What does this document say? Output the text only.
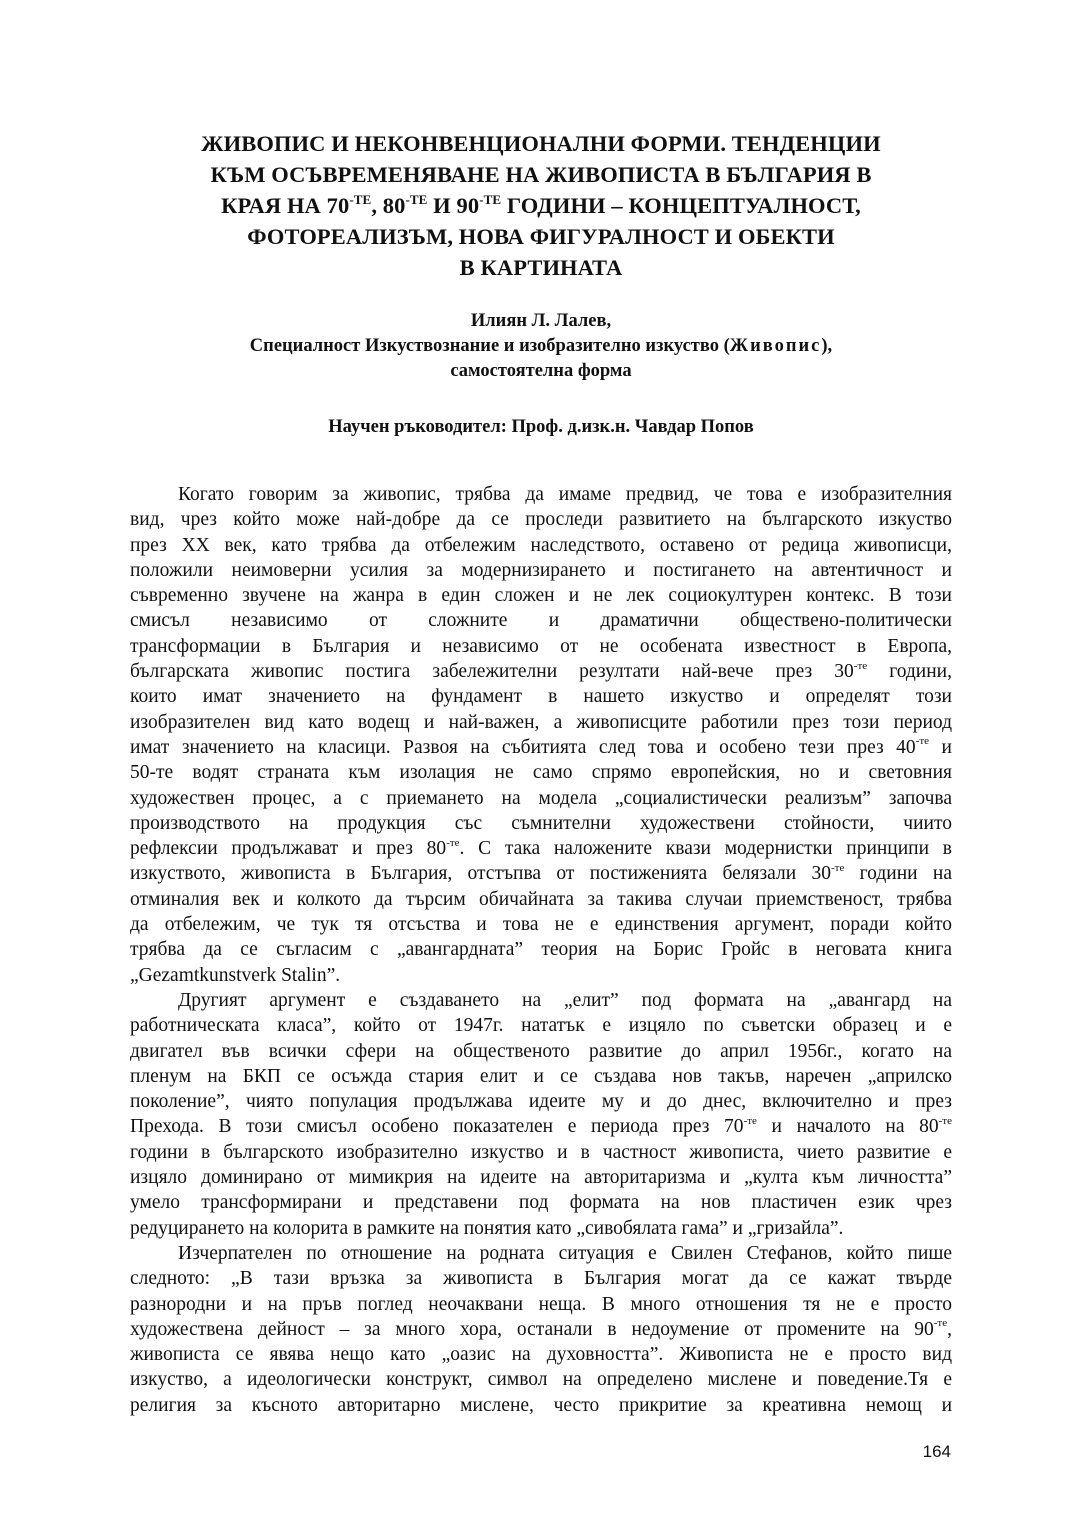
ЖИВОПИС И НЕКОНВЕНЦИОНАЛНИ ФОРМИ. ТЕНДЕНЦИИ
КЪМ ОСЪВРЕМЕНЯВАНЕ НА ЖИВОПИСТА В БЪЛГАРИЯ В
КРАЯ НА $70^{-ТЕ}$, $80^{-ТЕ}$ И $90^{-ТЕ}$ ГОДИНИ – КОНЦЕПТУАЛНОСТ,
ФОТОРЕАЛИЗЪМ, НОВА ФИГУРАЛНОСТ И ОБЕКТИ
В КАРТИНАТА
Илиян Л. Лалев,
Специалност Изкуствознание и изобразително изкуство (Живопис),
самостоятелна форма
Научен ръководител: Проф. д.изк.н. Чавдар Попов
Когато говорим за живопис, трябва да имаме предвид, че това е изобразителния
вид, чрез който може най-добре да се проследи развитието на българското изкуство
през XX век, като трябва да отбележим наследството, оставено от редица живописци,
положили неимоверни усилия за модернизирането и постигането на автентичност и
съвременно звучене на жанра в един сложен и не лек социокултурен контекс. В този
смисъл независимо от сложните и драматични обществено-политически
трансформации в България и независимо от не особената известност в Европа,
българската живопис постига забележителни резултати най-вече през $30^{-те}$ години,
които имат значението на фундамент в нашето изкуство и определят този
изобразителен вид като водещ и най-важен, а живописците работили през този период
имат значението на класици. Развоя на събитията след това и особено тези през $40^{-те}$ и
50-те водят страната към изолация не само спрямо европейския, но и световния
художествен процес, а с приемането на модела „социалистически реализъм” започва
производството на продукция със съмнителни художествени стойности, чиито
рефлексии продължават и през $80^{-те}$. С така наложените квази модернистки принципи в
изкуството, живописта в България, отстъпва от постиженията белязали $30^{-те}$ години на
отминалия век и колкото да търсим обичайната за такива случаи приемственост, трябва
да отбележим, че тук тя отсъства и това не е единствения аргумент, поради който
трябва да се съгласим с „авангардната” теория на Борис Гройс в неговата книга
„Gezamtkunstverk Stalin”.
Другият аргумент е създаването на „елит” под формата на „авангард на
работническата класа”, който от 1947г. нататък е изцяло по съветски образец и е
двигател във всички сфери на общественото развитие до април 1956г., когато на
пленум на БКП се осъжда стария елит и се създава нов такъв, наречен „априлско
поколение”, чиято популация продължава идеите му и до днес, включително и през
Прехода. В този смисъл особено показателен е периода през $70^{-те}$ и началото на $80^{-те}$
години в българското изобразително изкуство и в частност живописта, чието развитие е
изцяло доминирано от мимикрия на идеите на авторитаризма и „култа към личността”
умело трансформирани и представени под формата на нов пластичен език чрез
редуцирането на колорита в рамките на понятия като „сивобялата гама” и „гризайла”.
Изчерпателен по отношение на родната ситуация е Свилен Стефанов, който пише
следното: „В тази връзка за живописта в България могат да се кажат твърде
разнородни и на пръв поглед неочаквани неща. В много отношения тя не е просто
художествена дейност – за много хора, останали в недоумение от промените на $90^{-те}$,
живописта се явява нещо като „оазис на духовността”. Живописта не е просто вид
изкуство, а идеологически конструкт, символ на определено мислене и поведение.Тя е
религия за късното авторитарно мислене, често прикритие за креативна немощ и
164
